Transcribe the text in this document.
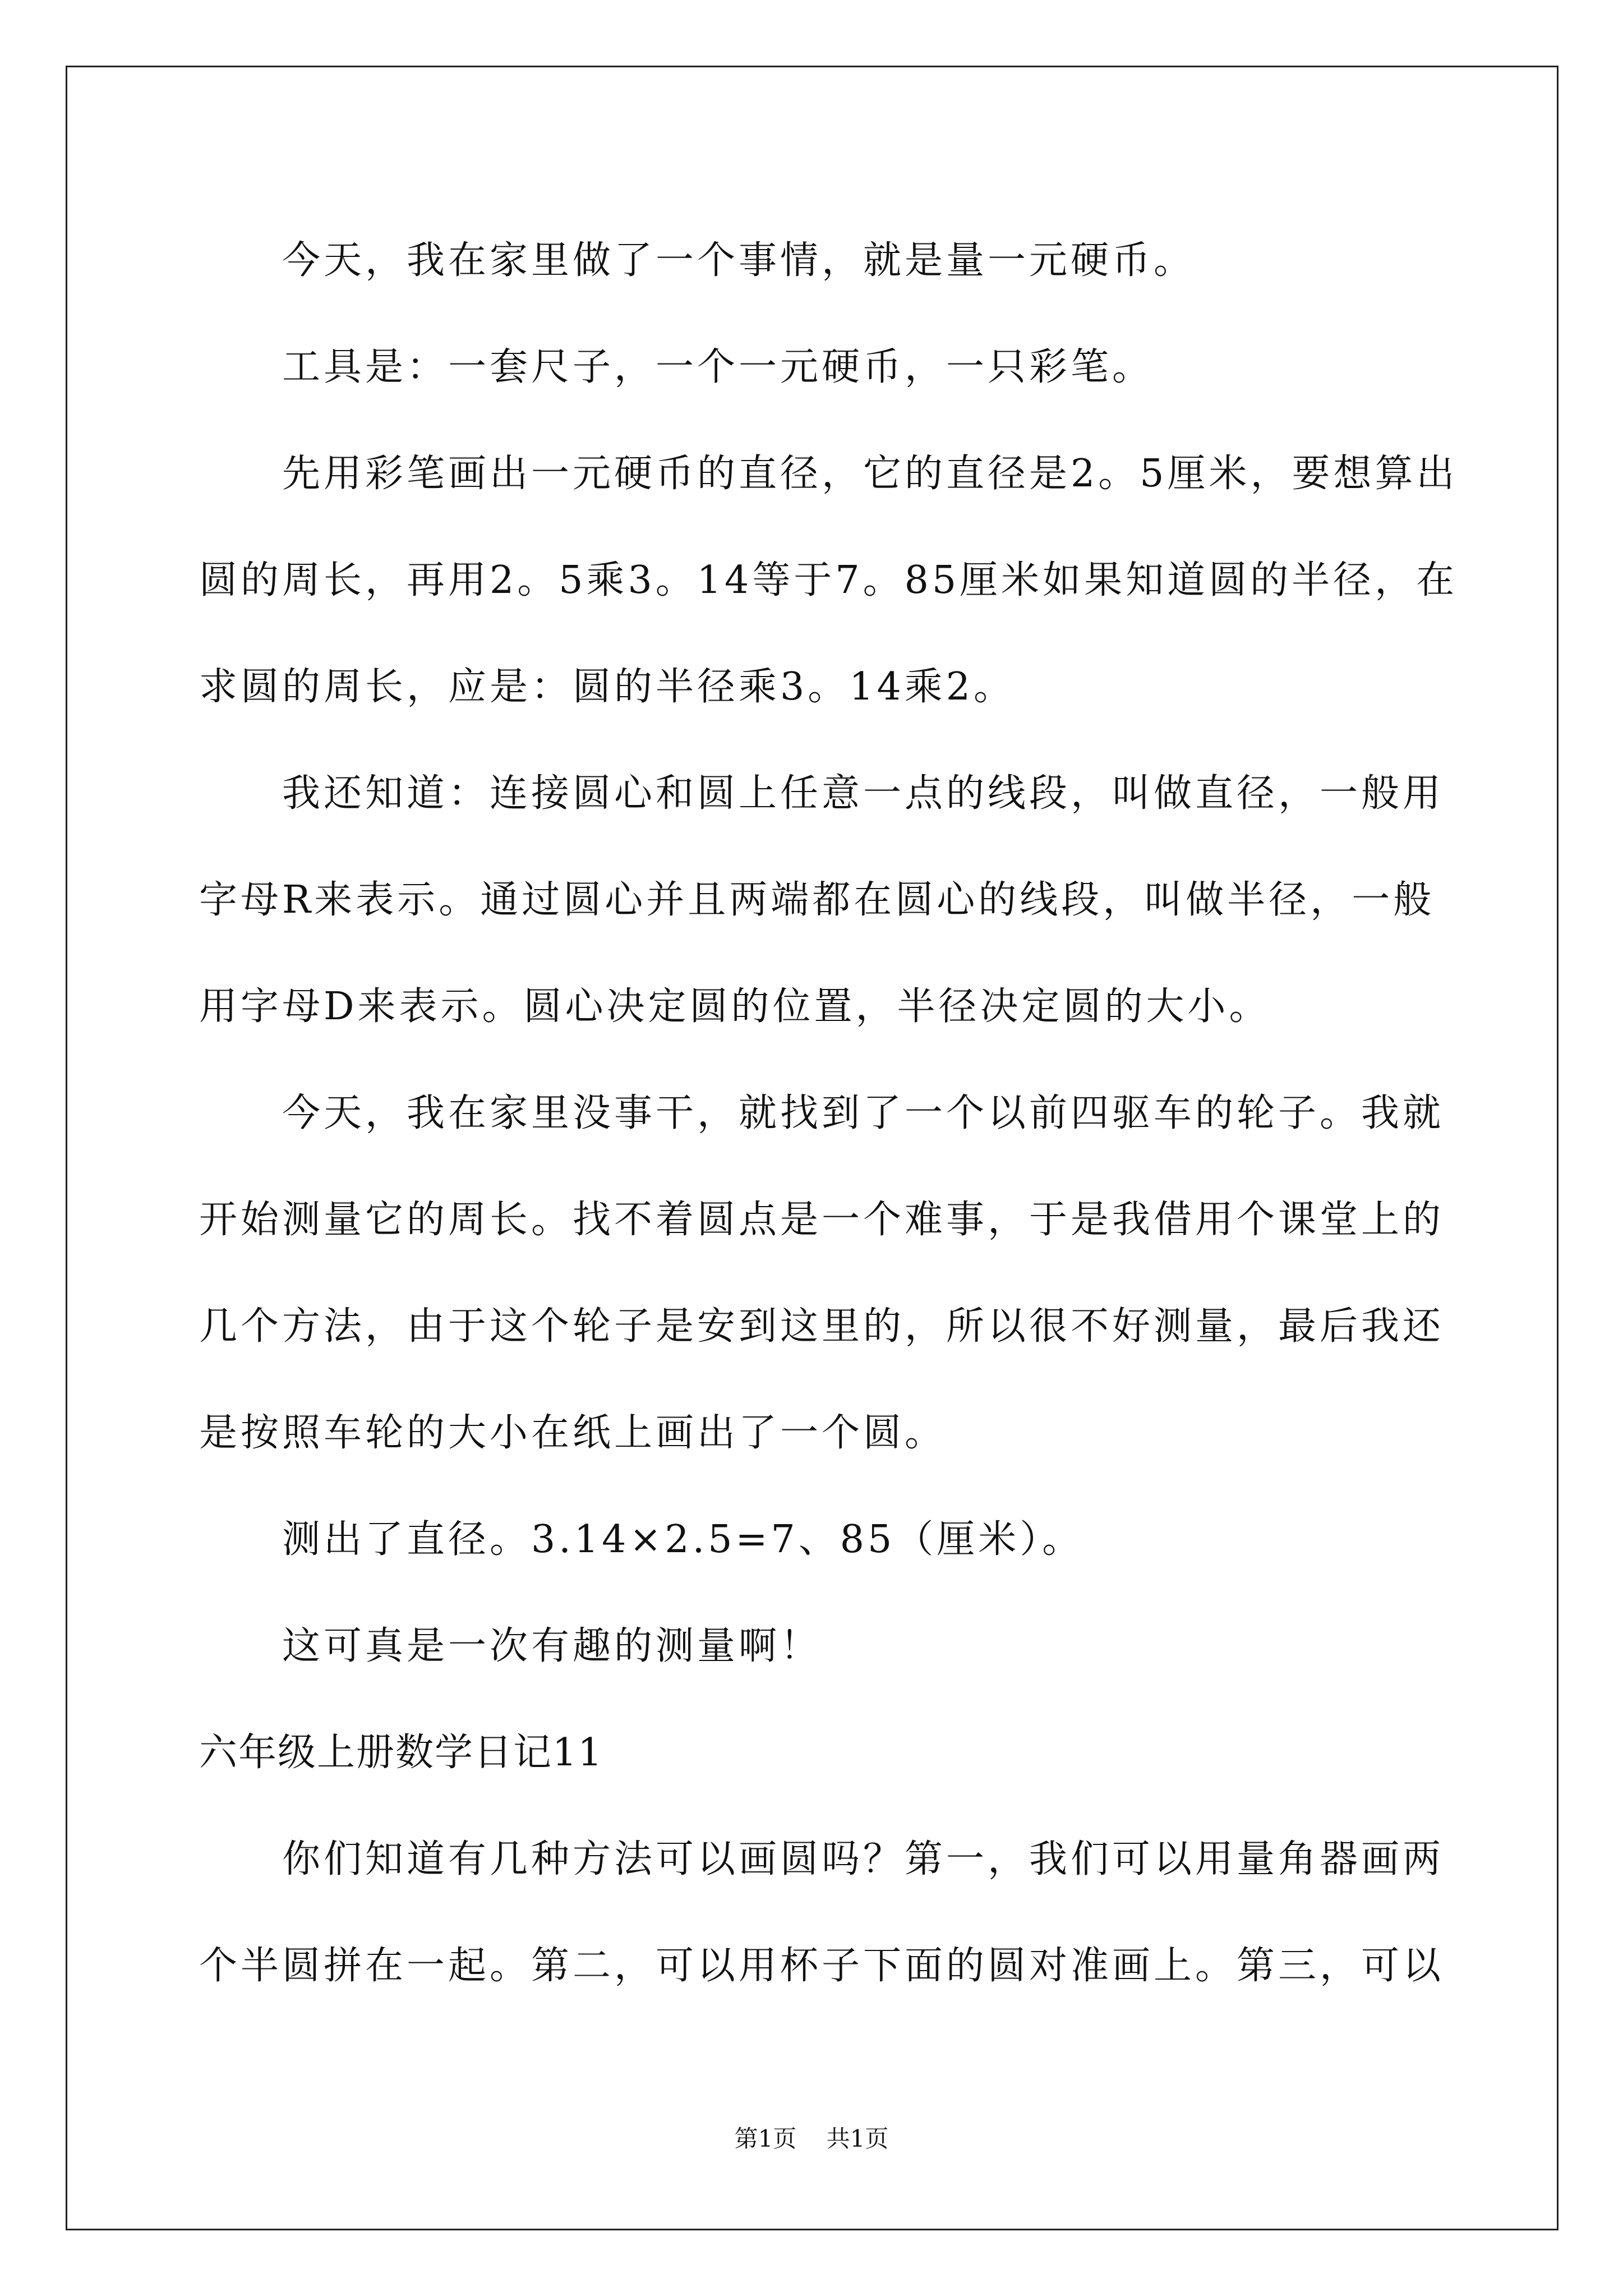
今天，我在家里做了一个事情，就是量一元硬币。
工具是：一套尺子，一个一元硬币，一只彩笔。
先用彩笔画出一元硬币的直径，它的直径是2。5厘米，要想算出
圆的周长，再用2。5乘3。14等于7。85厘米如果知道圆的半径，在
求圆的周长，应是：圆的半径乘3。14乘2。
我还知道：连接圆心和圆上任意一点的线段，叫做直径，一般用
字母R来表示。通过圆心并且两端都在圆心的线段，叫做半径，一般
用字母D来表示。圆心决定圆的位置，半径决定圆的大小。
今天，我在家里没事干，就找到了一个以前四驱车的轮子。我就
开始测量它的周长。找不着圆点是一个难事，于是我借用个课堂上的
几个方法，由于这个轮子是安到这里的，所以很不好测量，最后我还
是按照车轮的大小在纸上画出了一个圆。
测出了直径。3.14×2.5=7、85（厘米）。
这可真是一次有趣的测量啊！
六年级上册数学日记11
你们知道有几种方法可以画圆吗？第一，我们可以用量角器画两
个半圆拼在一起。第二，可以用杯子下面的圆对准画上。第三，可以
第1页    共1页
